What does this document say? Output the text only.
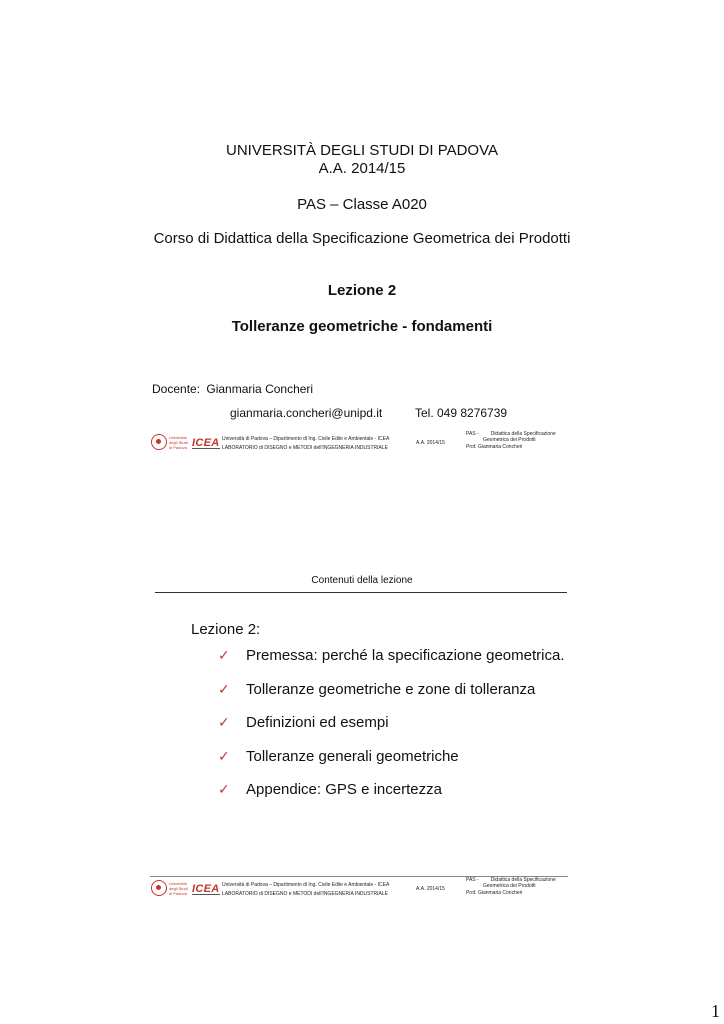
UNIVERSITÀ DEGLI STUDI DI PADOVA
A.A. 2014/15
PAS – Classe A020
Corso di Didattica della Specificazione Geometrica dei Prodotti
Lezione 2
Tolleranze geometriche - fondamenti
Docente: Gianmaria Concheri
gianmaria.concheri@unipd.it	Tel. 049 8276739
Università degli Studi di Padova ICEA Università di Padova – Dipartimento di Ing. Civile Edile e Ambientale - ICEA
LABORATORIO di DISEGNO e METODI dell'INGEGNERIA INDUSTRIALE
A.A. 2014/15
PAS - Didattica della Specificazione
Geometrica dei Prodotti
Prof. Gianmaria Concheri
Contenuti della lezione
Lezione 2:
✓ Premessa: perché la specificazione geometrica.
✓ Tolleranze geometriche e zone di tolleranza
✓ Definizioni ed esempi
✓ Tolleranze generali geometriche
✓ Appendice: GPS e incertezza
Università degli Studi di Padova ICEA Università di Padova – Dipartimento di Ing. Civile Edile e Ambientale - ICEA
LABORATORIO di DISEGNO e METODI dell'INGEGNERIA INDUSTRIALE
A.A. 2014/15
PAS - Didattica della Specificazione
Geometrica dei Prodotti
Prof. Gianmaria Concheri
1
